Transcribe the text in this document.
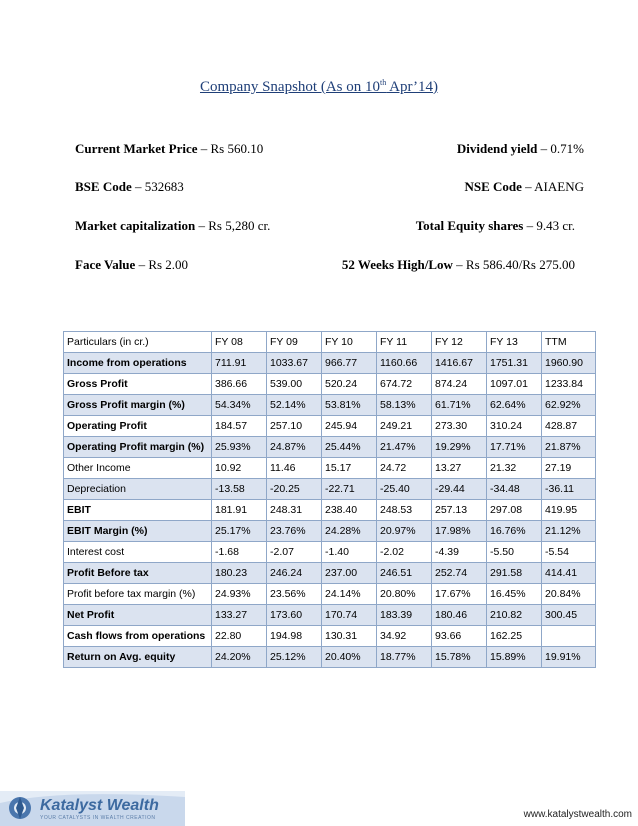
Company Snapshot (As on 10th Apr’14)
Current Market Price – Rs 560.10	Dividend yield – 0.71%
BSE Code – 532683	NSE Code – AIAENG
Market capitalization – Rs 5,280 cr.	Total Equity shares – 9.43 cr.
Face Value – Rs 2.00	52 Weeks High/Low – Rs 586.40/Rs 275.00
Particulars (in cr.)	FY 08	FY 09	FY 10	FY 11	FY 12	FY 13	TTM
Income from operations	711.91	1033.67	966.77	1160.66	1416.67	1751.31	1960.90
Gross Profit	386.66	539.00	520.24	674.72	874.24	1097.01	1233.84
Gross Profit margin (%)	54.34%	52.14%	53.81%	58.13%	61.71%	62.64%	62.92%
Operating Profit	184.57	257.10	245.94	249.21	273.30	310.24	428.87
Operating Profit margin (%)	25.93%	24.87%	25.44%	21.47%	19.29%	17.71%	21.87%
Other Income	10.92	11.46	15.17	24.72	13.27	21.32	27.19
Depreciation	-13.58	-20.25	-22.71	-25.40	-29.44	-34.48	-36.11
EBIT	181.91	248.31	238.40	248.53	257.13	297.08	419.95
EBIT Margin (%)	25.17%	23.76%	24.28%	20.97%	17.98%	16.76%	21.12%
Interest cost	-1.68	-2.07	-1.40	-2.02	-4.39	-5.50	-5.54
Profit Before tax	180.23	246.24	237.00	246.51	252.74	291.58	414.41
Profit before tax margin (%)	24.93%	23.56%	24.14%	20.80%	17.67%	16.45%	20.84%
Net Profit	133.27	173.60	170.74	183.39	180.46	210.82	300.45
Cash flows from operations	22.80	194.98	130.31	34.92	93.66	162.25	
Return on Avg. equity	24.20%	25.12%	20.40%	18.77%	15.78%	15.89%	19.91%
Katalyst Wealth
YOUR CATALYSTS IN WEALTH CREATION	www.katalystwealth.com
